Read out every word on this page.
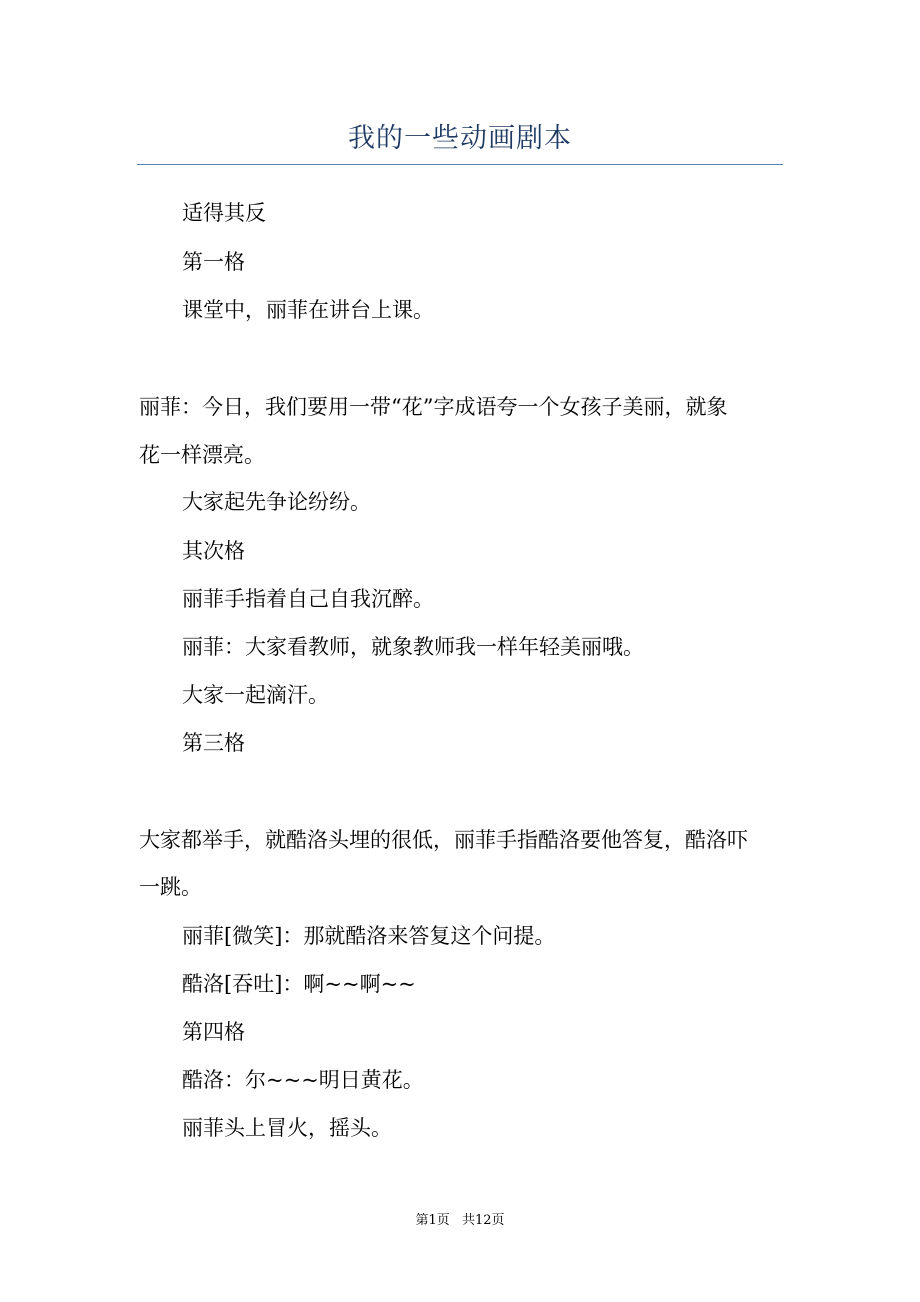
我的一些动画剧本
适得其反
第一格
课堂中，丽菲在讲台上课。
丽菲：今日，我们要用一带“花”字成语夸一个女孩子美丽，就象
花一样漂亮。
大家起先争论纷纷。
其次格
丽菲手指着自己自我沉醉。
丽菲：大家看教师，就象教师我一样年轻美丽哦。
大家一起滴汗。
第三格
大家都举手，就酷洛头埋的很低，丽菲手指酷洛要他答复，酷洛吓
一跳。
丽菲[微笑]：那就酷洛来答复这个问提。
酷洛[吞吐]：啊~~啊~~
第四格
酷洛：尔~~~明日黄花。
丽菲头上冒火，摇头。
第1页 共12页
